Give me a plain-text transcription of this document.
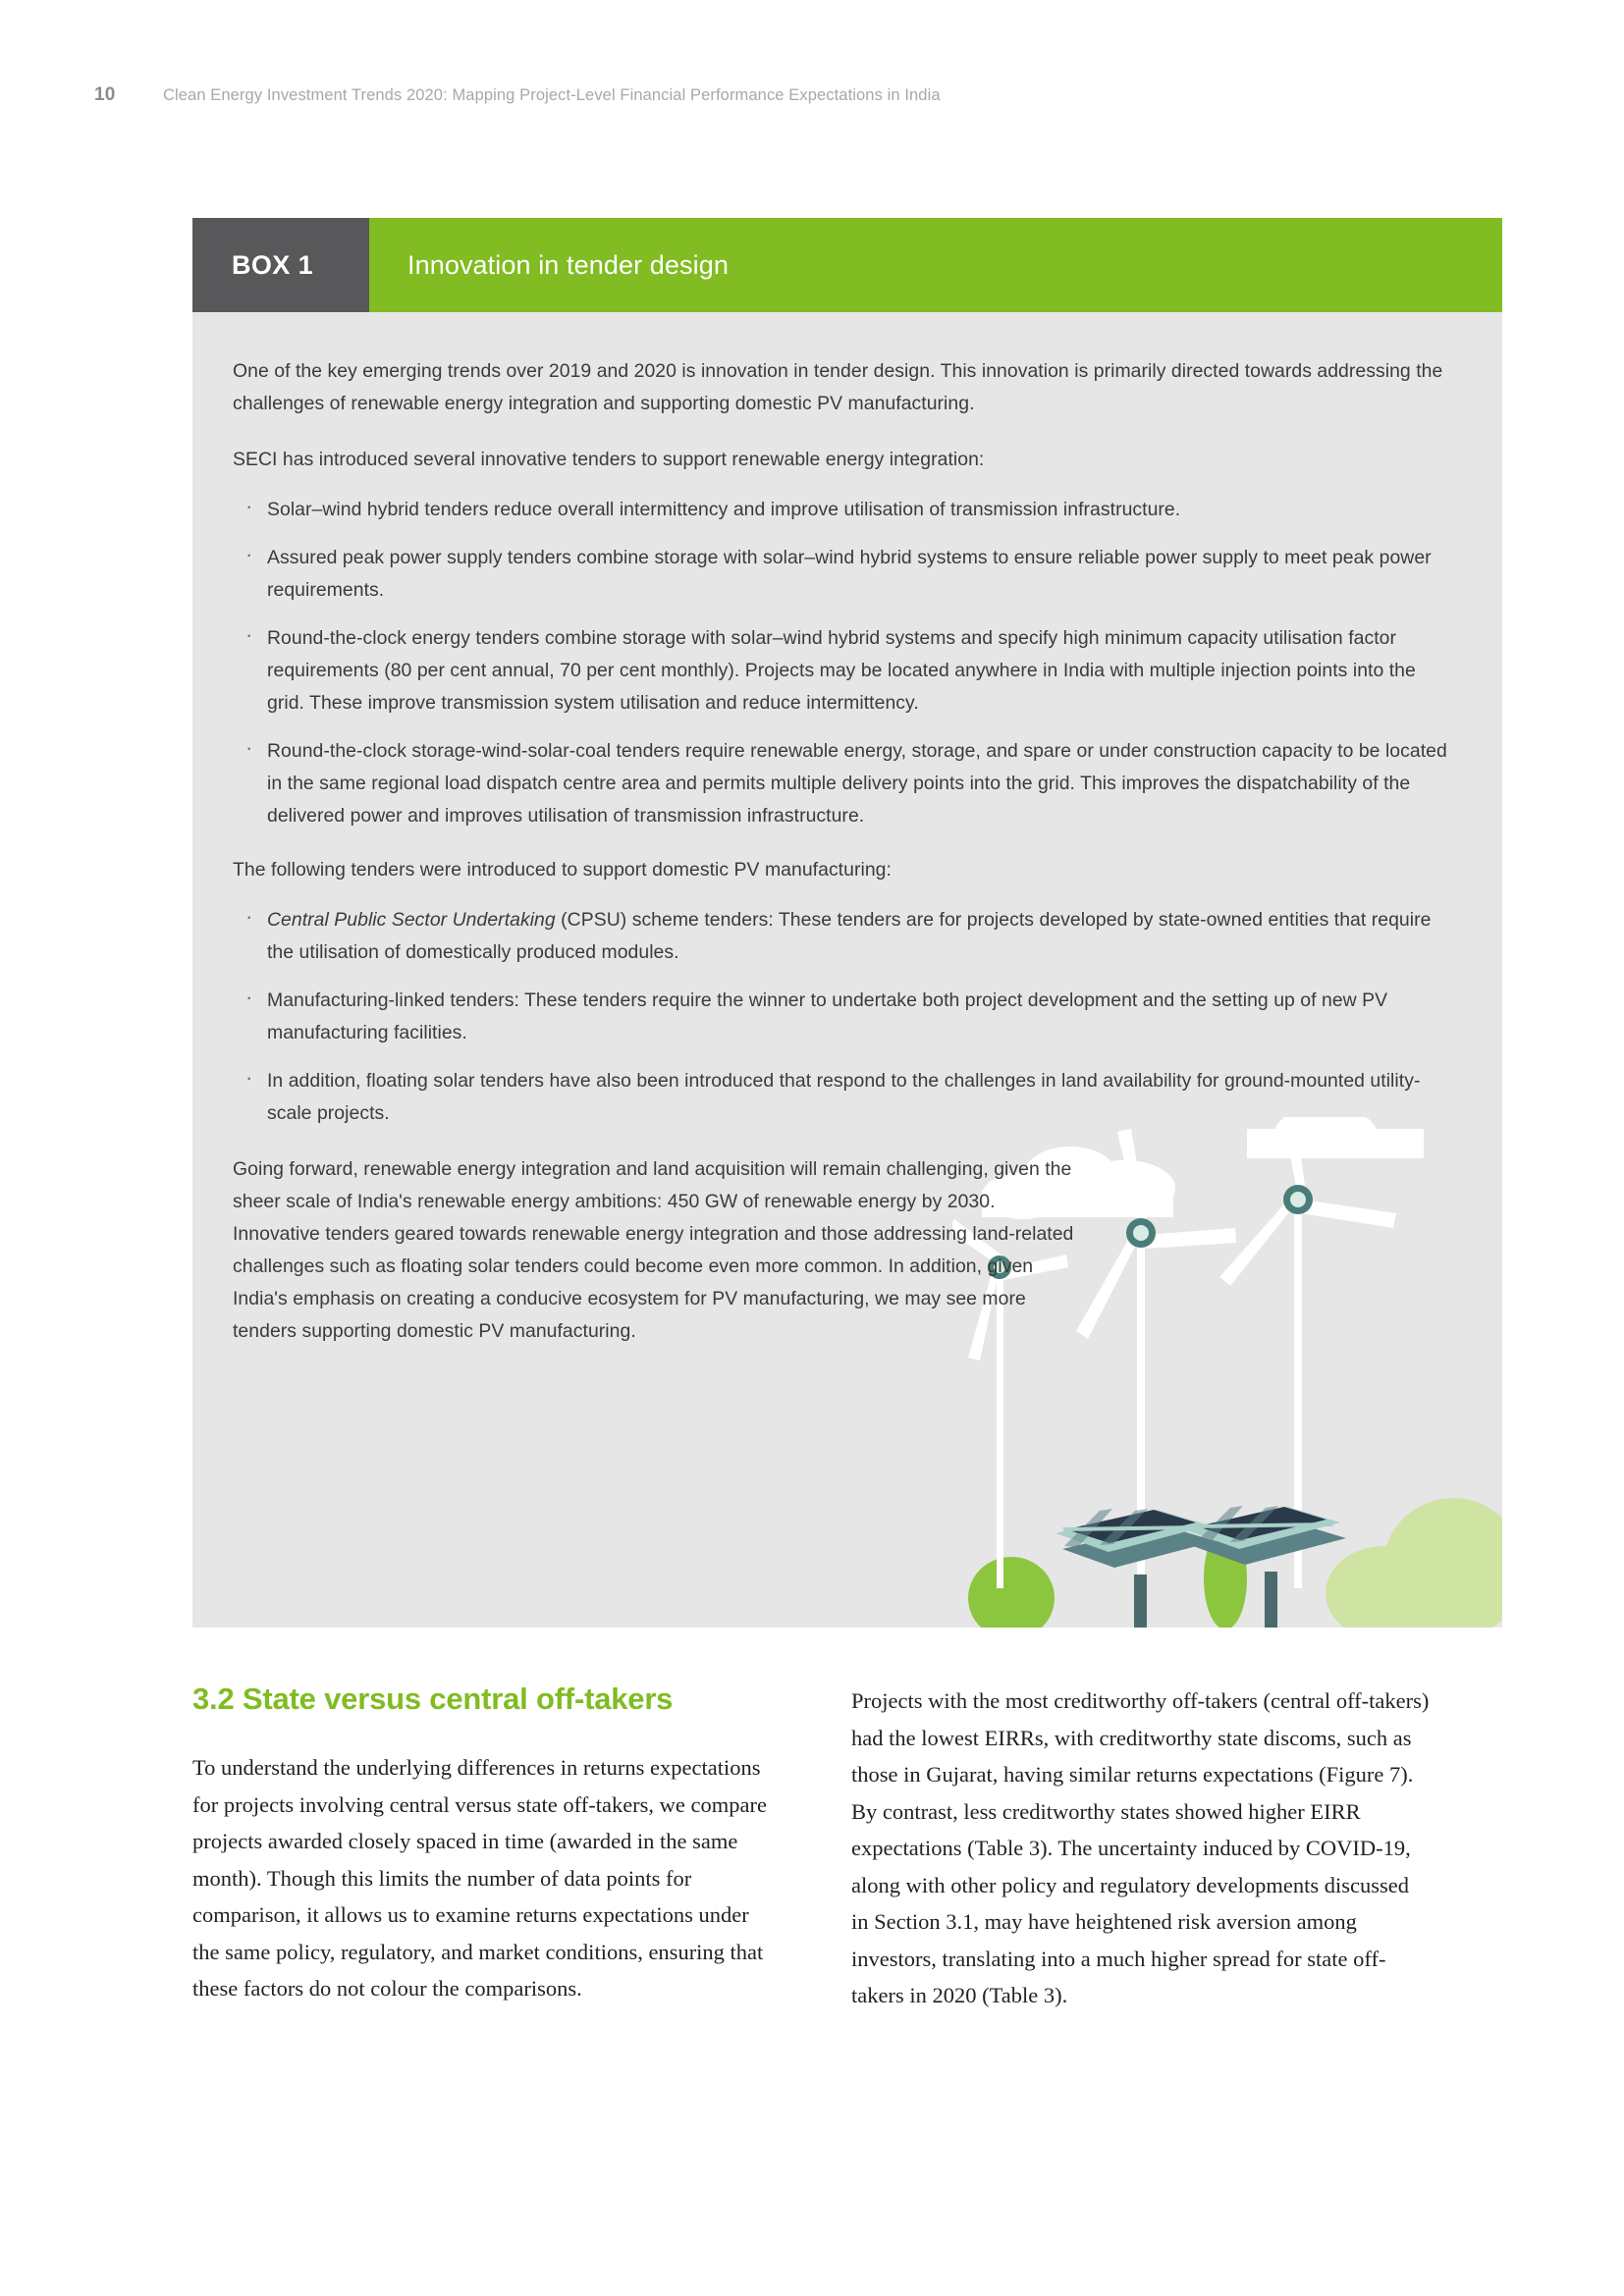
10	Clean Energy Investment Trends 2020: Mapping Project-Level Financial Performance Expectations in India
BOX 1	Innovation in tender design

One of the key emerging trends over 2019 and 2020 is innovation in tender design. This innovation is primarily directed towards addressing the challenges of renewable energy integration and supporting domestic PV manufacturing.

SECI has introduced several innovative tenders to support renewable energy integration:

· Solar–wind hybrid tenders reduce overall intermittency and improve utilisation of transmission infrastructure.
· Assured peak power supply tenders combine storage with solar–wind hybrid systems to ensure reliable power supply to meet peak power requirements.
· Round-the-clock energy tenders combine storage with solar–wind hybrid systems and specify high minimum capacity utilisation factor requirements (80 per cent annual, 70 per cent monthly). Projects may be located anywhere in India with multiple injection points into the grid. These improve transmission system utilisation and reduce intermittency.
· Round-the-clock storage-wind-solar-coal tenders require renewable energy, storage, and spare or under construction capacity to be located in the same regional load dispatch centre area and permits multiple delivery points into the grid. This improves the dispatchability of the delivered power and improves utilisation of transmission infrastructure.

The following tenders were introduced to support domestic PV manufacturing:

· Central Public Sector Undertaking (CPSU) scheme tenders: These tenders are for projects developed by state-owned entities that require the utilisation of domestically produced modules.
· Manufacturing-linked tenders: These tenders require the winner to undertake both project development and the setting up of new PV manufacturing facilities.
· In addition, floating solar tenders have also been introduced that respond to the challenges in land availability for ground-mounted utility-scale projects.

Going forward, renewable energy integration and land acquisition will remain challenging, given the sheer scale of India's renewable energy ambitions: 450 GW of renewable energy by 2030. Innovative tenders geared towards renewable energy integration and those addressing land-related challenges such as floating solar tenders could become even more common. In addition, given India's emphasis on creating a conducive ecosystem for PV manufacturing, we may see more tenders supporting domestic PV manufacturing.

3.2 State versus central off-takers

To understand the underlying differences in returns expectations for projects involving central versus state off-takers, we compare projects awarded closely spaced in time (awarded in the same month). Though this limits the number of data points for comparison, it allows us to examine returns expectations under the same policy, regulatory, and market conditions, ensuring that these factors do not colour the comparisons.

Projects with the most creditworthy off-takers (central off-takers) had the lowest EIRRs, with creditworthy state discoms, such as those in Gujarat, having similar returns expectations (Figure 7). By contrast, less creditworthy states showed higher EIRR expectations (Table 3). The uncertainty induced by COVID-19, along with other policy and regulatory developments discussed in Section 3.1, may have heightened risk aversion among investors, translating into a much higher spread for state off-takers in 2020 (Table 3).
